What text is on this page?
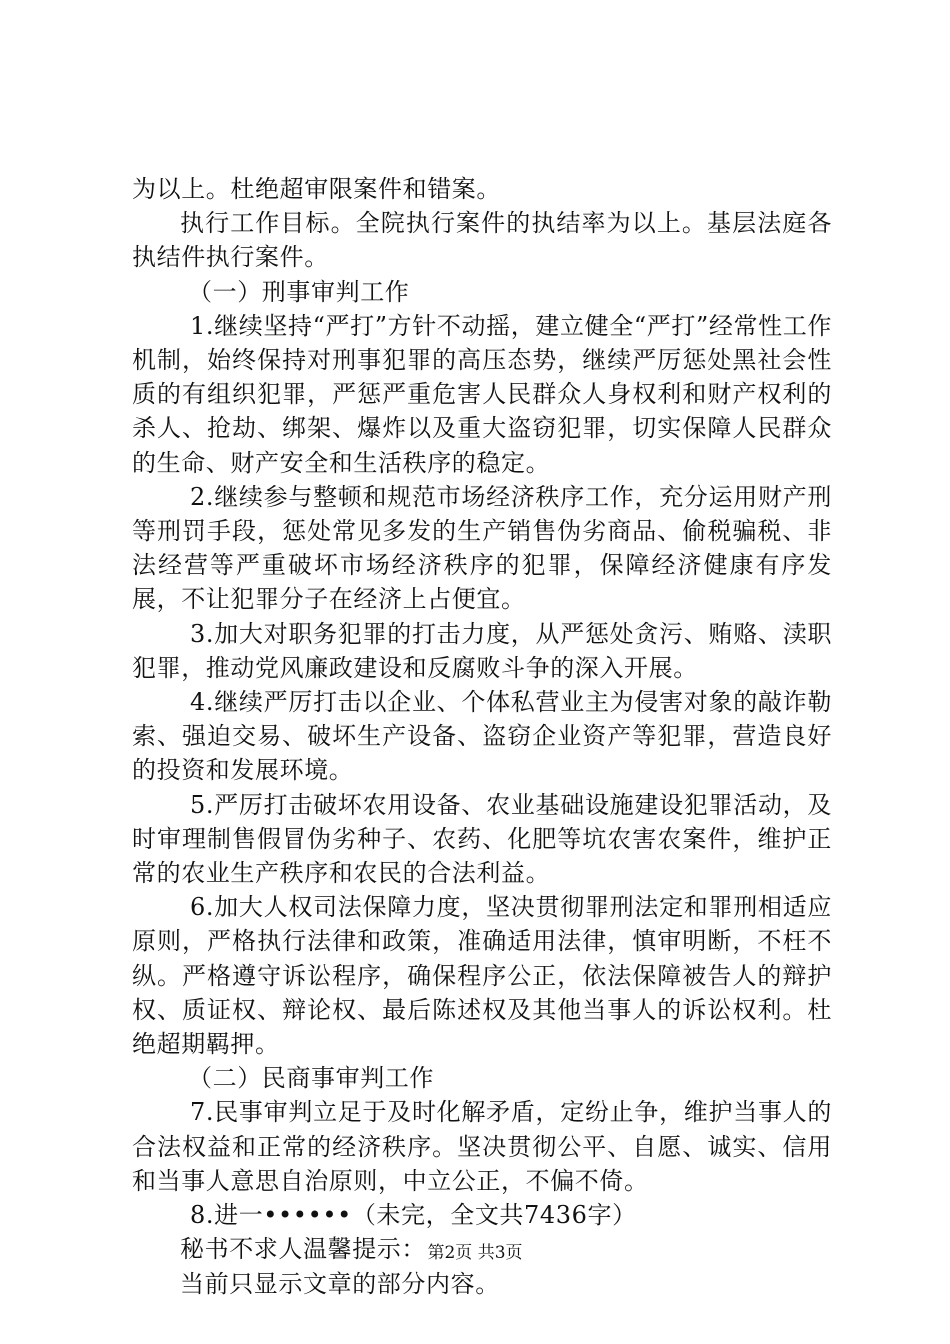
为以上。杜绝超审限案件和错案。

执行工作目标。全院执行案件的执结率为以上。基层法庭各执结件执行案件。

（一）刑事审判工作

1.继续坚持“严打”方针不动摇，建立健全“严打”经常性工作机制，始终保持对刑事犯罪的高压态势，继续严厉惩处黑社会性质的有组织犯罪，严惩严重危害人民群众人身权利和财产权利的杀人、抢劫、绑架、爆炸以及重大盗窃犯罪，切实保障人民群众的生命、财产安全和生活秩序的稳定。

2.继续参与整顿和规范市场经济秩序工作，充分运用财产刑等刑罚手段，惩处常见多发的生产销售伪劣商品、偷税骗税、非法经营等严重破坏市场经济秩序的犯罪，保障经济健康有序发展，不让犯罪分子在经济上占便宜。

3.加大对职务犯罪的打击力度，从严惩处贪污、贿赂、渎职犯罪，推动党风廉政建设和反腐败斗争的深入开展。

4.继续严厉打击以企业、个体私营业主为侵害对象的敲诈勒索、强迫交易、破坏生产设备、盗窃企业资产等犯罪，营造良好的投资和发展环境。

5.严厉打击破坏农用设备、农业基础设施建设犯罪活动，及时审理制售假冒伪劣种子、农药、化肥等坑农害农案件，维护正常的农业生产秩序和农民的合法利益。

6.加大人权司法保障力度，坚决贯彻罪刑法定和罪刑相适应原则，严格执行法律和政策，准确适用法律，慎审明断，不枉不纵。严格遵守诉讼程序，确保程序公正，依法保障被告人的辩护权、质证权、辩论权、最后陈述权及其他当事人的诉讼权利。杜绝超期羁押。

（二）民商事审判工作

7.民事审判立足于及时化解矛盾，定纷止争，维护当事人的合法权益和正常的经济秩序。坚决贯彻公平、自愿、诚实、信用和当事人意思自治原则，中立公正，不偏不倚。

8.进一••••••（未完，全文共7436字）

秘书不求人温馨提示：

当前只显示文章的部分内容。

第2页 共3页
